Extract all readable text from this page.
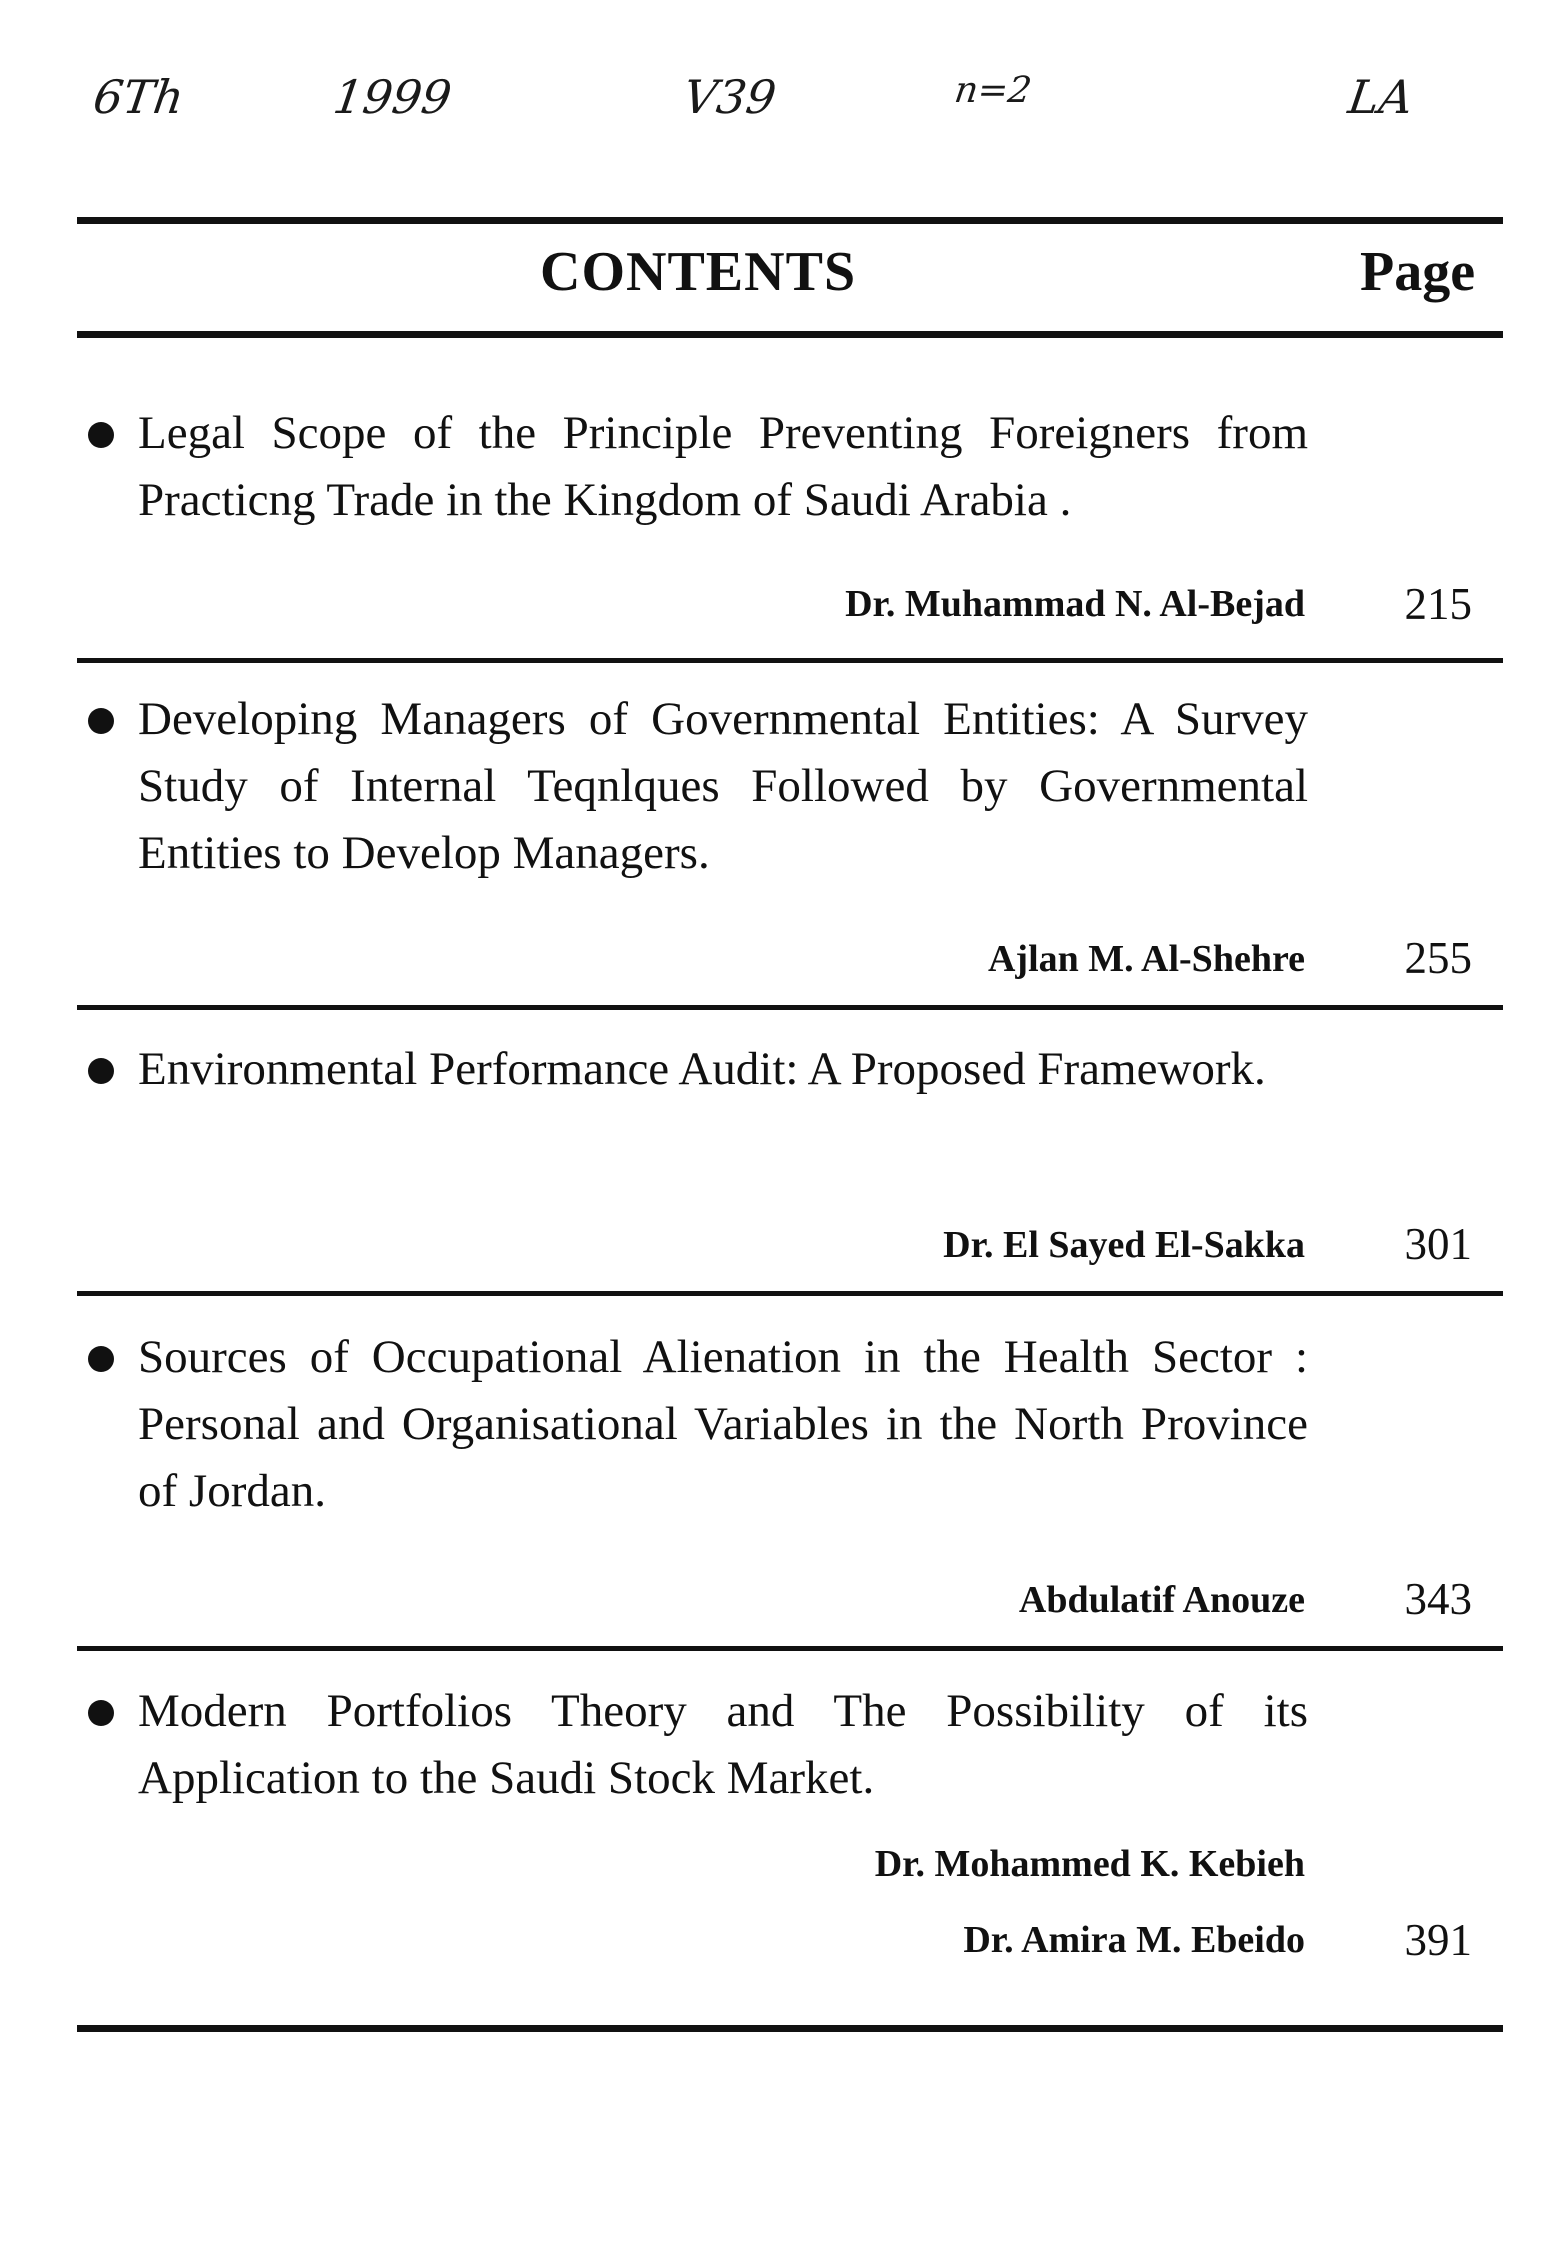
6Th	1999	V39	n=2	LA
CONTENTS	Page
Legal Scope of the Principle Preventing Foreigners from Practicng Trade in the Kingdom of Saudi Arabia .
Dr. Muhammad N. Al-Bejad 215
Developing Managers of Governmental Entities: A Survey Study of Internal Teqnlques Followed by Governmental Entities to Develop Managers.
Ajlan M. Al-Shehre 255
Environmental Performance Audit: A Proposed Framework.
Dr. El Sayed El-Sakka 301
Sources of Occupational Alienation in the Health Sector : Personal and Organisational Variables in the North Province of Jordan.
Abdulatif Anouze 343
Modern Portfolios Theory and The Possibility of its Application to the Saudi Stock Market.
Dr. Mohammed K. Kebieh
Dr. Amira M. Ebeido 391
